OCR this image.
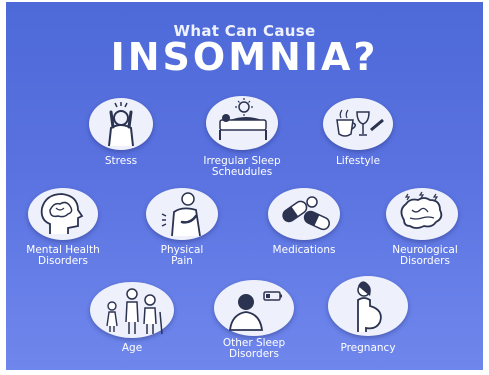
What Can Cause
INSOMNIA?
Stress	Irregular Sleep
Scheudules
Lifestyle
Mental Health
Disorders
Physical
Pain
Medications	Neurological
Disorders
Age	Other Sleep
Disorders	Pregnancy
